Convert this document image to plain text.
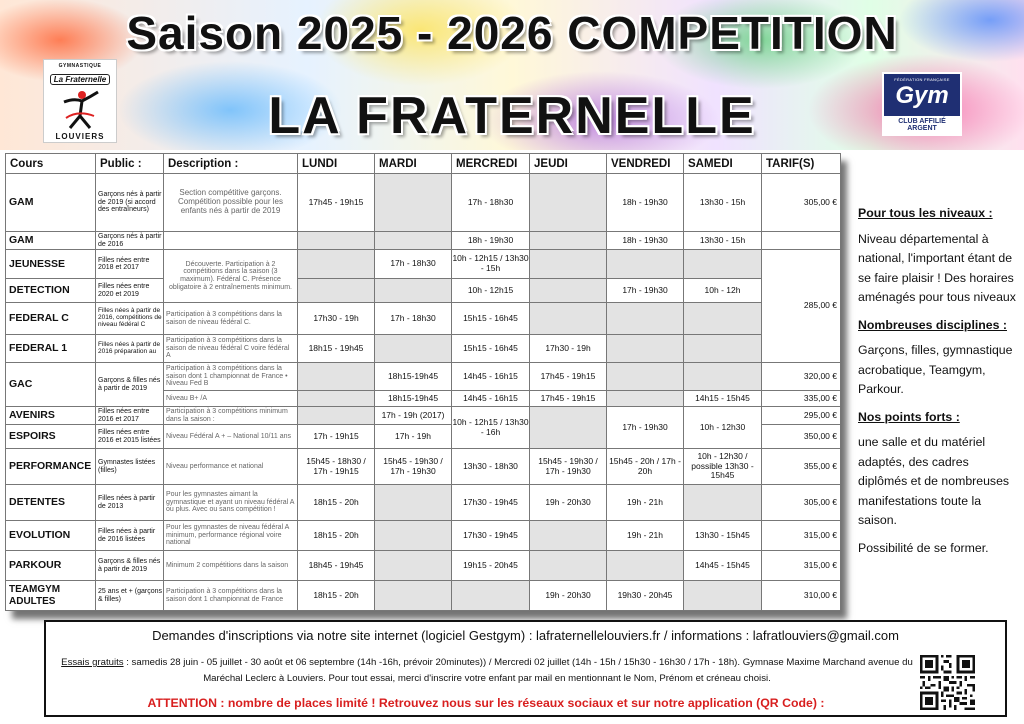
Saison 2025 - 2026 COMPETITION
LA FRATERNELLE
GYMNASTIQUE
La Fraternelle
LOUVIERS
FÉDÉRATION FRANÇAISE
Gym
CLUB AFFILIÉ ARGENT
Cours	Public :	Description :	LUNDI	MARDI	MERCREDI	JEUDI	VENDREDI	SAMEDI	TARIF(S)
GAM	Garçons nés à partir de 2019 (si accord des entraîneurs)	Section compétitive garçons. Compétition possible pour les enfants nés à partir de 2019	17h45 - 19h15		17h - 18h30		18h - 19h30	13h30 - 15h	305,00 €
GAM	Garçons nés à partir de 2016				18h - 19h30		18h - 19h30	13h30 - 15h	
JEUNESSE	Filles nées entre 2018 et 2017	Découverte. Participation à 2 compétitions dans la saison (3 maximum). Fédéral C. Présence obligatoire à 2 entraînements minimum.		17h - 18h30	10h - 12h15 / 13h30 - 15h				285,00 €
DETECTION	Filles nées entre 2020 et 2019				10h - 12h15		17h - 19h30	10h - 12h	
FEDERAL C	Filles nées à partir de 2016, compétitions de niveau fédéral C	Participation à 3 compétitions dans la saison de niveau fédéral C.	17h30 - 19h	17h - 18h30	15h15 - 16h45				
FEDERAL 1	Filles nées à partir de 2016 préparation au	Participation à 3 compétitions dans la saison de niveau fédéral C voire fédéral A	18h15 - 19h45		15h15 - 16h45	17h30 - 19h			
GAC	Garçons & filles nés à partir de 2019	Participation à 3 compétitions dans la saison dont 1 championnat de France • Niveau Fed B		18h15-19h45	14h45 - 16h15	17h45 - 19h15			320,00 €
		Niveau B+ /A		18h15-19h45	14h45 - 16h15	17h45 - 19h15		14h15 - 15h45	335,00 €
AVENIRS	Filles nées entre 2016 et 2017	Participation à 3 compétitions minimum dans la saison :		17h - 19h (2017)	10h - 12h15 / 13h30 - 16h		17h - 19h30	10h - 12h30	295,00 €
ESPOIRS	Filles nées entre 2016 et 2015 listées	Niveau Fédéral A + – National 10/11 ans	17h - 19h15	17h - 19h					350,00 €
PERFORMANCE	Gymnastes listées (filles)	Niveau performance et national	15h45 - 18h30 / 17h - 19h15	15h45 - 19h30 / 17h - 19h30	13h30 - 18h30	15h45 - 19h30 / 17h - 19h30	15h45 - 20h / 17h - 20h	10h - 12h30 / possible 13h30 - 15h45	355,00 €
DETENTES	Filles nées à partir de 2013	Pour les gymnastes aimant la gymnastique et ayant un niveau fédéral A ou plus. Avec ou sans compétition !	18h15 - 20h		17h30 - 19h45	19h - 20h30	19h - 21h		305,00 €
EVOLUTION	Filles nées à partir de 2016 listées	Pour les gymnastes de niveau fédéral A minimum, performance régional voire national	18h15 - 20h		17h30 - 19h45		19h - 21h	13h30 - 15h45	315,00 €
PARKOUR	Garçons & filles nés à partir de 2019	Minimum 2 compétitions dans la saison	18h45 - 19h45		19h15 - 20h45			14h45 - 15h45	315,00 €
TEAMGYM ADULTES	25 ans et + (garçons & filles)	Participation à 3 compétitions dans la saison dont 1 championnat de France	18h15 - 20h			19h - 20h30	19h30 - 20h45		310,00 €
Pour tous les niveaux :
Niveau départemental à national, l'important étant de se faire plaisir ! Des horaires aménagés pour tous niveaux
Nombreuses disciplines :
Garçons, filles, gymnastique acrobatique, Teamgym, Parkour.
Nos points forts :
une salle et du matériel adaptés, des cadres diplômés et de nombreuses manifestations toute la saison.
Possibilité de se former.
Demandes d'inscriptions via notre site internet (logiciel Gestgym) : lafraternellelouviers.fr / informations : lafratlouviers@gmail.com
Essais gratuits : samedis 28 juin - 05 juillet - 30 août et 06 septembre (14h -16h, prévoir 20minutes)) / Mercredi 02 juillet (14h - 15h / 15h30 - 16h30 / 17h - 18h). Gymnase Maxime Marchand avenue du Maréchal Leclerc à Louviers. Pour tout essai, merci d'inscrire votre enfant par mail en mentionnant le Nom, Prénom et créneau choisi.
ATTENTION : nombre de places limité ! Retrouvez nous sur les réseaux sociaux et sur notre application (QR Code) :
